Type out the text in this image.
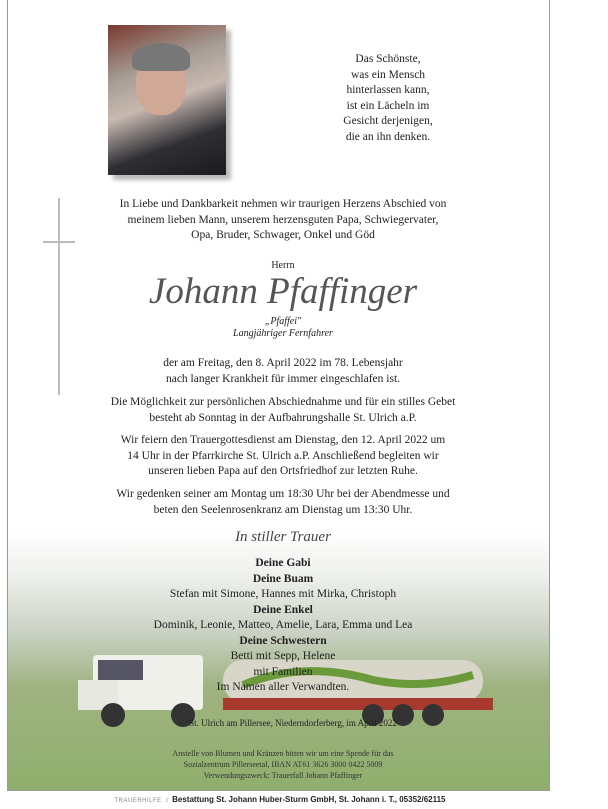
Das Schönste,
was ein Mensch
hinterlassen kann,
ist ein Lächeln im
Gesicht derjenigen,
die an ihn denken.
In Liebe und Dankbarkeit nehmen wir traurigen Herzens Abschied von
meinem lieben Mann, unserem herzensguten Papa, Schwiegervater,
Opa, Bruder, Schwager, Onkel und Göd
Herrn
Johann Pfaffinger
„Pfaffei"
Langjähriger Fernfahrer
der am Freitag, den 8. April 2022 im 78. Lebensjahr
nach langer Krankheit für immer eingeschlafen ist.
Die Möglichkeit zur persönlichen Abschiednahme und für ein stilles Gebet
besteht ab Sonntag in der Aufbahrungshalle St. Ulrich a.P.
Wir feiern den Trauergottesdienst am Dienstag, den 12. April 2022 um
14 Uhr in der Pfarrkirche St. Ulrich a.P. Anschließend begleiten wir
unseren lieben Papa auf den Ortsfriedhof zur letzten Ruhe.
Wir gedenken seiner am Montag um 18:30 Uhr bei der Abendmesse und
beten den Seelenrosenkranz am Dienstag um 13:30 Uhr.
In stiller Trauer
Deine Gabi
Deine Buam
Stefan mit Simone, Hannes mit Mirka, Christoph
Deine Enkel
Dominik, Leonie, Matteo, Amelie, Lara, Emma und Lea
Deine Schwestern
Betti mit Sepp, Helene
mit Familien
Im Namen aller Verwandten.
St. Ulrich am Pillersee, Niederndorferberg, im April 2022
Anstelle von Blumen und Kränzen bitten wir um eine Spende für das
Sozialzentrum Pillerseetal, IBAN AT61 3626 3000 0422 5009
Verwendungszweck: Trauerfall Johann Pfaffinger
TRAUERHILFE ♁ Bestattung St. Johann Huber-Sturm GmbH, St. Johann i. T., 05352/62115
